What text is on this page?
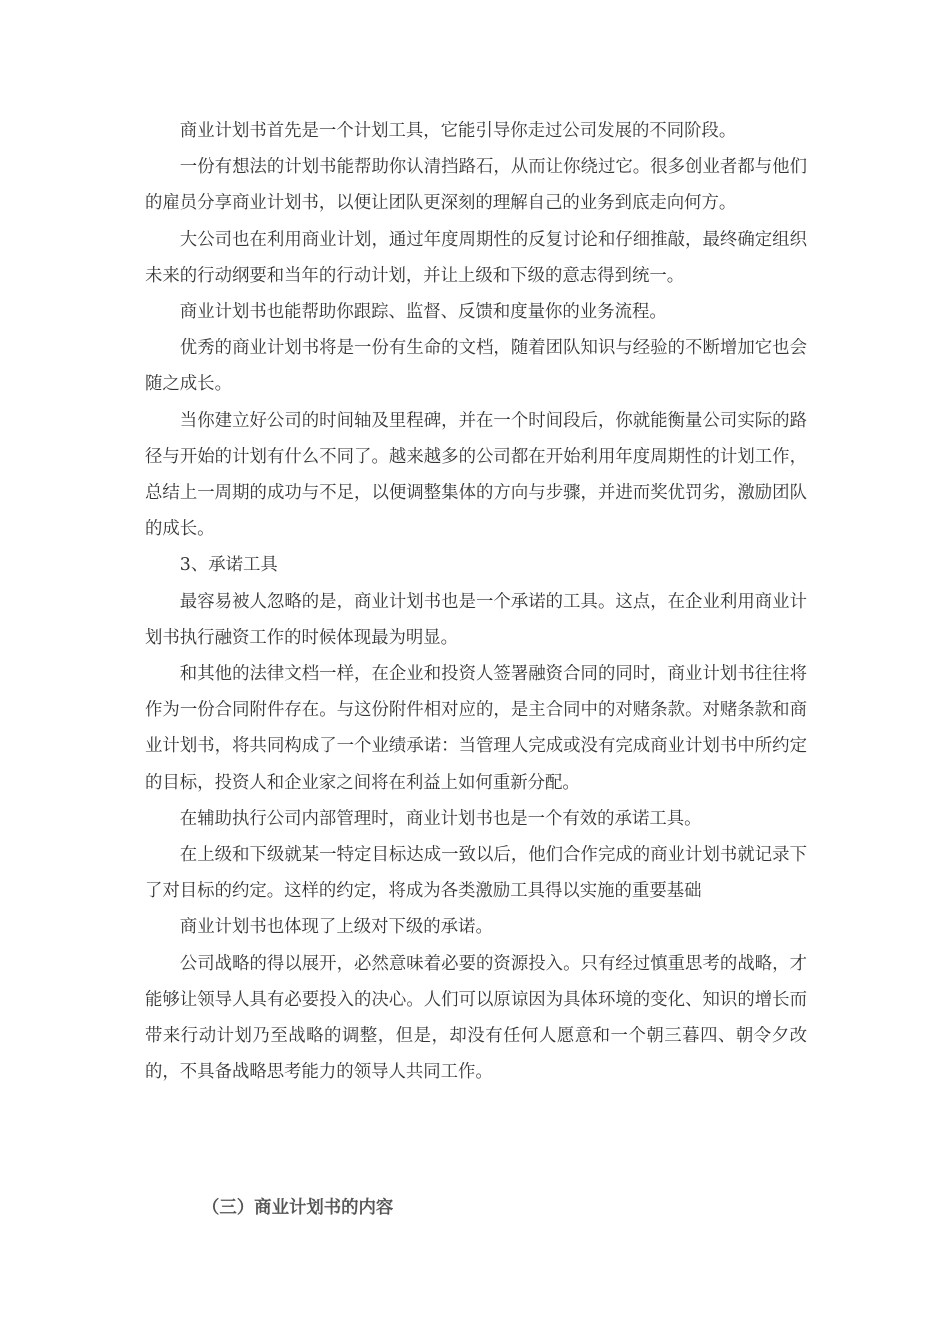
商业计划书首先是一个计划工具，它能引导你走过公司发展的不同阶段。

一份有想法的计划书能帮助你认清挡路石，从而让你绕过它。很多创业者都与他们的雇员分享商业计划书，以便让团队更深刻的理解自己的业务到底走向何方。

大公司也在利用商业计划，通过年度周期性的反复讨论和仔细推敲，最终确定组织未来的行动纲要和当年的行动计划，并让上级和下级的意志得到统一。

商业计划书也能帮助你跟踪、监督、反馈和度量你的业务流程。

优秀的商业计划书将是一份有生命的文档，随着团队知识与经验的不断增加它也会随之成长。

当你建立好公司的时间轴及里程碑，并在一个时间段后，你就能衡量公司实际的路径与开始的计划有什么不同了。越来越多的公司都在开始利用年度周期性的计划工作，总结上一周期的成功与不足，以便调整集体的方向与步骤，并进而奖优罚劣，激励团队的成长。

3、承诺工具

最容易被人忽略的是，商业计划书也是一个承诺的工具。这点，在企业利用商业计划书执行融资工作的时候体现最为明显。

和其他的法律文档一样，在企业和投资人签署融资合同的同时，商业计划书往往将作为一份合同附件存在。与这份附件相对应的，是主合同中的对赌条款。对赌条款和商业计划书，将共同构成了一个业绩承诺：当管理人完成或没有完成商业计划书中所约定的目标，投资人和企业家之间将在利益上如何重新分配。

在辅助执行公司内部管理时，商业计划书也是一个有效的承诺工具。

在上级和下级就某一特定目标达成一致以后，他们合作完成的商业计划书就记录下了对目标的约定。这样的约定，将成为各类激励工具得以实施的重要基础

商业计划书也体现了上级对下级的承诺。

公司战略的得以展开，必然意味着必要的资源投入。只有经过慎重思考的战略，才能够让领导人具有必要投入的决心。人们可以原谅因为具体环境的变化、知识的增长而带来行动计划乃至战略的调整，但是，却没有任何人愿意和一个朝三暮四、朝令夕改的，不具备战略思考能力的领导人共同工作。

（三）商业计划书的内容
